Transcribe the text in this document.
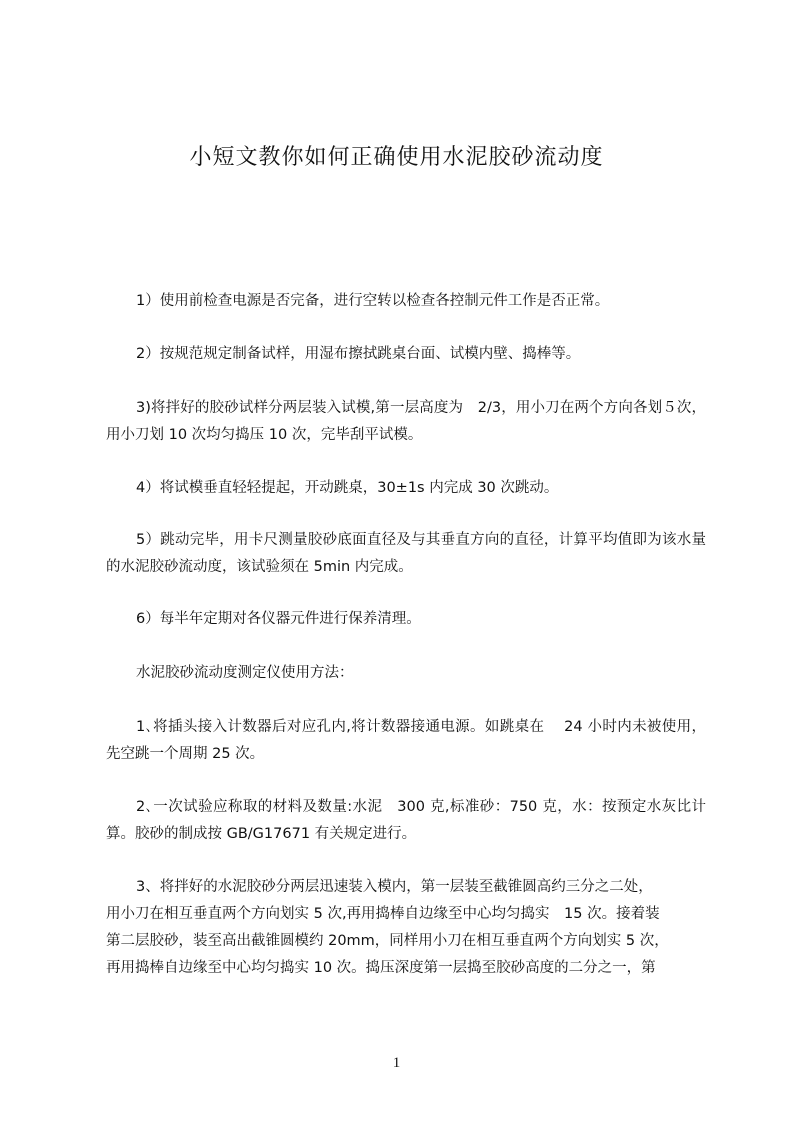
小短文教你如何正确使用水泥胶砂流动度

1）使用前检查电源是否完备，进行空转以检查各控制元件工作是否正常。

2）按规范规定制备试样，用湿布擦拭跳桌台面、试模内壁、捣棒等。

3)将拌好的胶砂试样分两层装入试模,第一层高度为　2/3，用小刀在两个方向各划５次，用小刀划 10 次均匀捣压 10 次，完毕刮平试模。

4）将试模垂直轻轻提起，开动跳桌，30±1s 内完成 30 次跳动。

5）跳动完毕，用卡尺测量胶砂底面直径及与其垂直方向的直径，计算平均值即为该水量的水泥胶砂流动度，该试验须在 5min 内完成。

6）每半年定期对各仪器元件进行保养清理。

水泥胶砂流动度测定仪使用方法：

1､将插头接入计数器后对应孔内,将计数器接通电源。如跳桌在　 24 小时内未被使用，先空跳一个周期 25 次。

2､一次试验应称取的材料及数量:水泥　300 克,标准砂：750 克，水：按预定水灰比计算。胶砂的制成按 GB/G17671 有关规定进行。

3、将拌好的水泥胶砂分两层迅速装入模内，第一层装至截锥圆高约三分之二处，
用小刀在相互垂直两个方向划实 5 次,再用捣棒自边缘至中心均匀捣实　15 次。接着装
第二层胶砂，装至高出截锥圆模约 20mm，同样用小刀在相互垂直两个方向划实 5 次，
再用捣棒自边缘至中心均匀捣实 10 次。捣压深度第一层捣至胶砂高度的二分之一，第
1
